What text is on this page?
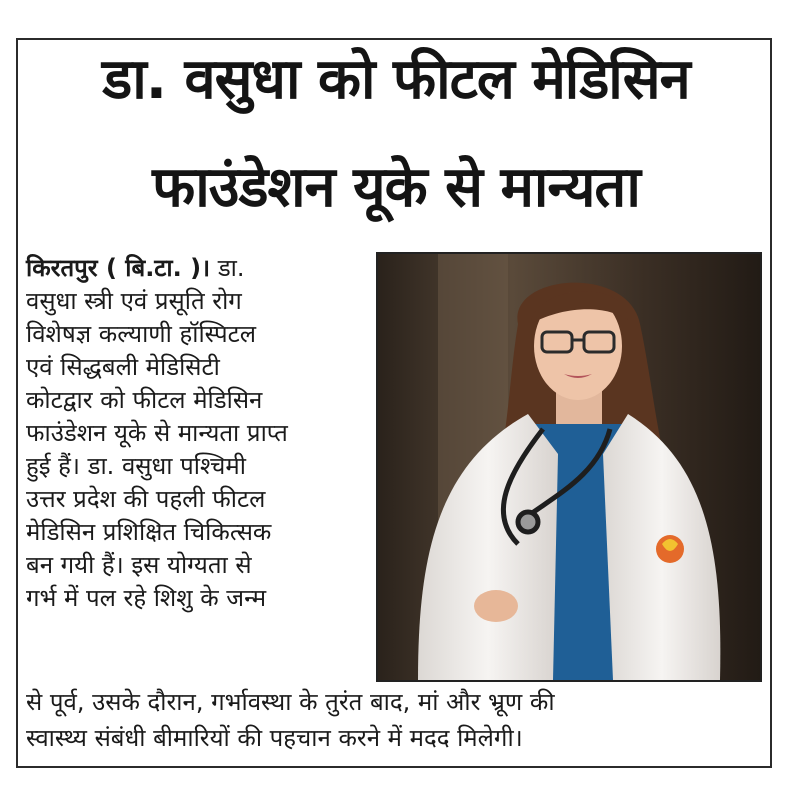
डा. वसुधा को फीटल मेडिसिन
फाउंडेशन यूके से मान्यता
किरतपुर ( बि.टा. )। डा.
वसुधा स्त्री एवं प्रसूति रोग
विशेषज्ञ कल्याणी हॉस्पिटल
एवं सिद्धबली मेडिसिटी
कोटद्वार को फीटल मेडिसिन
फाउंडेशन यूके से मान्यता प्राप्त
हुई हैं। डा. वसुधा पश्चिमी
उत्तर प्रदेश की पहली फीटल
मेडिसिन प्रशिक्षित चिकित्सक
बन गयी हैं। इस योग्यता से
गर्भ में पल रहे शिशु के जन्म
से पूर्व, उसके दौरान, गर्भावस्था के तुरंत बाद, मां और भ्रूण की
स्वास्थ्य संबंधी बीमारियों की पहचान करने में मदद मिलेगी।
